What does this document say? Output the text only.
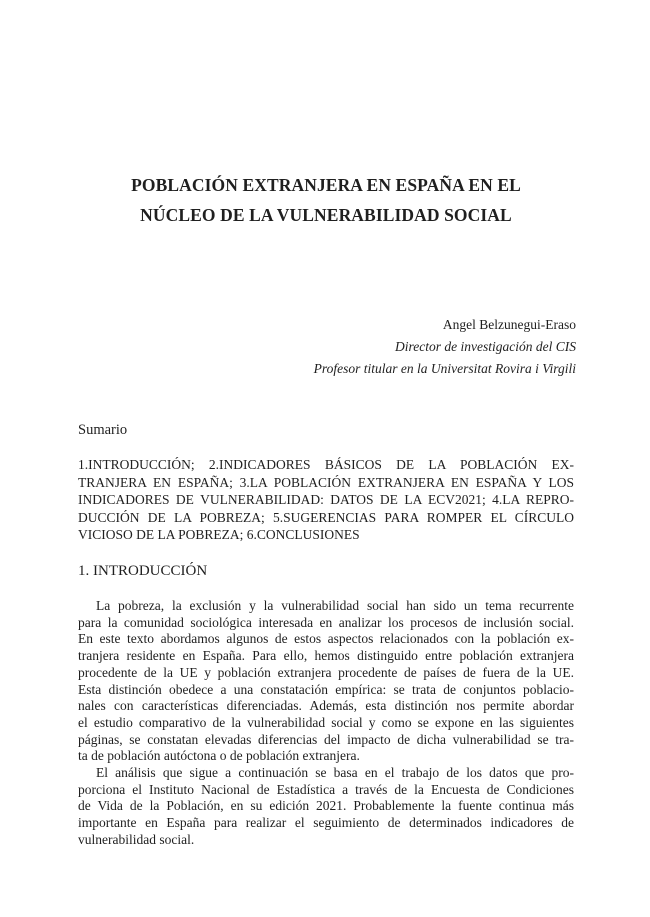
POBLACIÓN EXTRANJERA EN ESPAÑA EN EL
NÚCLEO DE LA VULNERABILIDAD SOCIAL
Angel Belzunegui-Eraso
Director de investigación del CIS
Profesor titular en la Universitat Rovira i Virgili
Sumario
1.INTRODUCCIÓN; 2.INDICADORES BÁSICOS DE LA POBLACIÓN EX-
TRANJERA EN ESPAÑA; 3.LA POBLACIÓN EXTRANJERA EN ESPAÑA Y LOS
INDICADORES DE VULNERABILIDAD: DATOS DE LA ECV2021; 4.LA REPRO-
DUCCIÓN DE LA POBREZA; 5.SUGERENCIAS PARA ROMPER EL CÍRCULO
VICIOSO DE LA POBREZA; 6.CONCLUSIONES
1. INTRODUCCIÓN
La pobreza, la exclusión y la vulnerabilidad social han sido un tema recurrente
para la comunidad sociológica interesada en analizar los procesos de inclusión social.
En este texto abordamos algunos de estos aspectos relacionados con la población ex-
tranjera residente en España. Para ello, hemos distinguido entre población extranjera
procedente de la UE y población extranjera procedente de países de fuera de la UE.
Esta distinción obedece a una constatación empírica: se trata de conjuntos poblacio-
nales con características diferenciadas. Además, esta distinción nos permite abordar
el estudio comparativo de la vulnerabilidad social y como se expone en las siguientes
páginas, se constatan elevadas diferencias del impacto de dicha vulnerabilidad se tra-
ta de población autóctona o de población extranjera.
El análisis que sigue a continuación se basa en el trabajo de los datos que pro-
porciona el Instituto Nacional de Estadística a través de la Encuesta de Condiciones
de Vida de la Población, en su edición 2021. Probablemente la fuente continua más
importante en España para realizar el seguimiento de determinados indicadores de
vulnerabilidad social.
